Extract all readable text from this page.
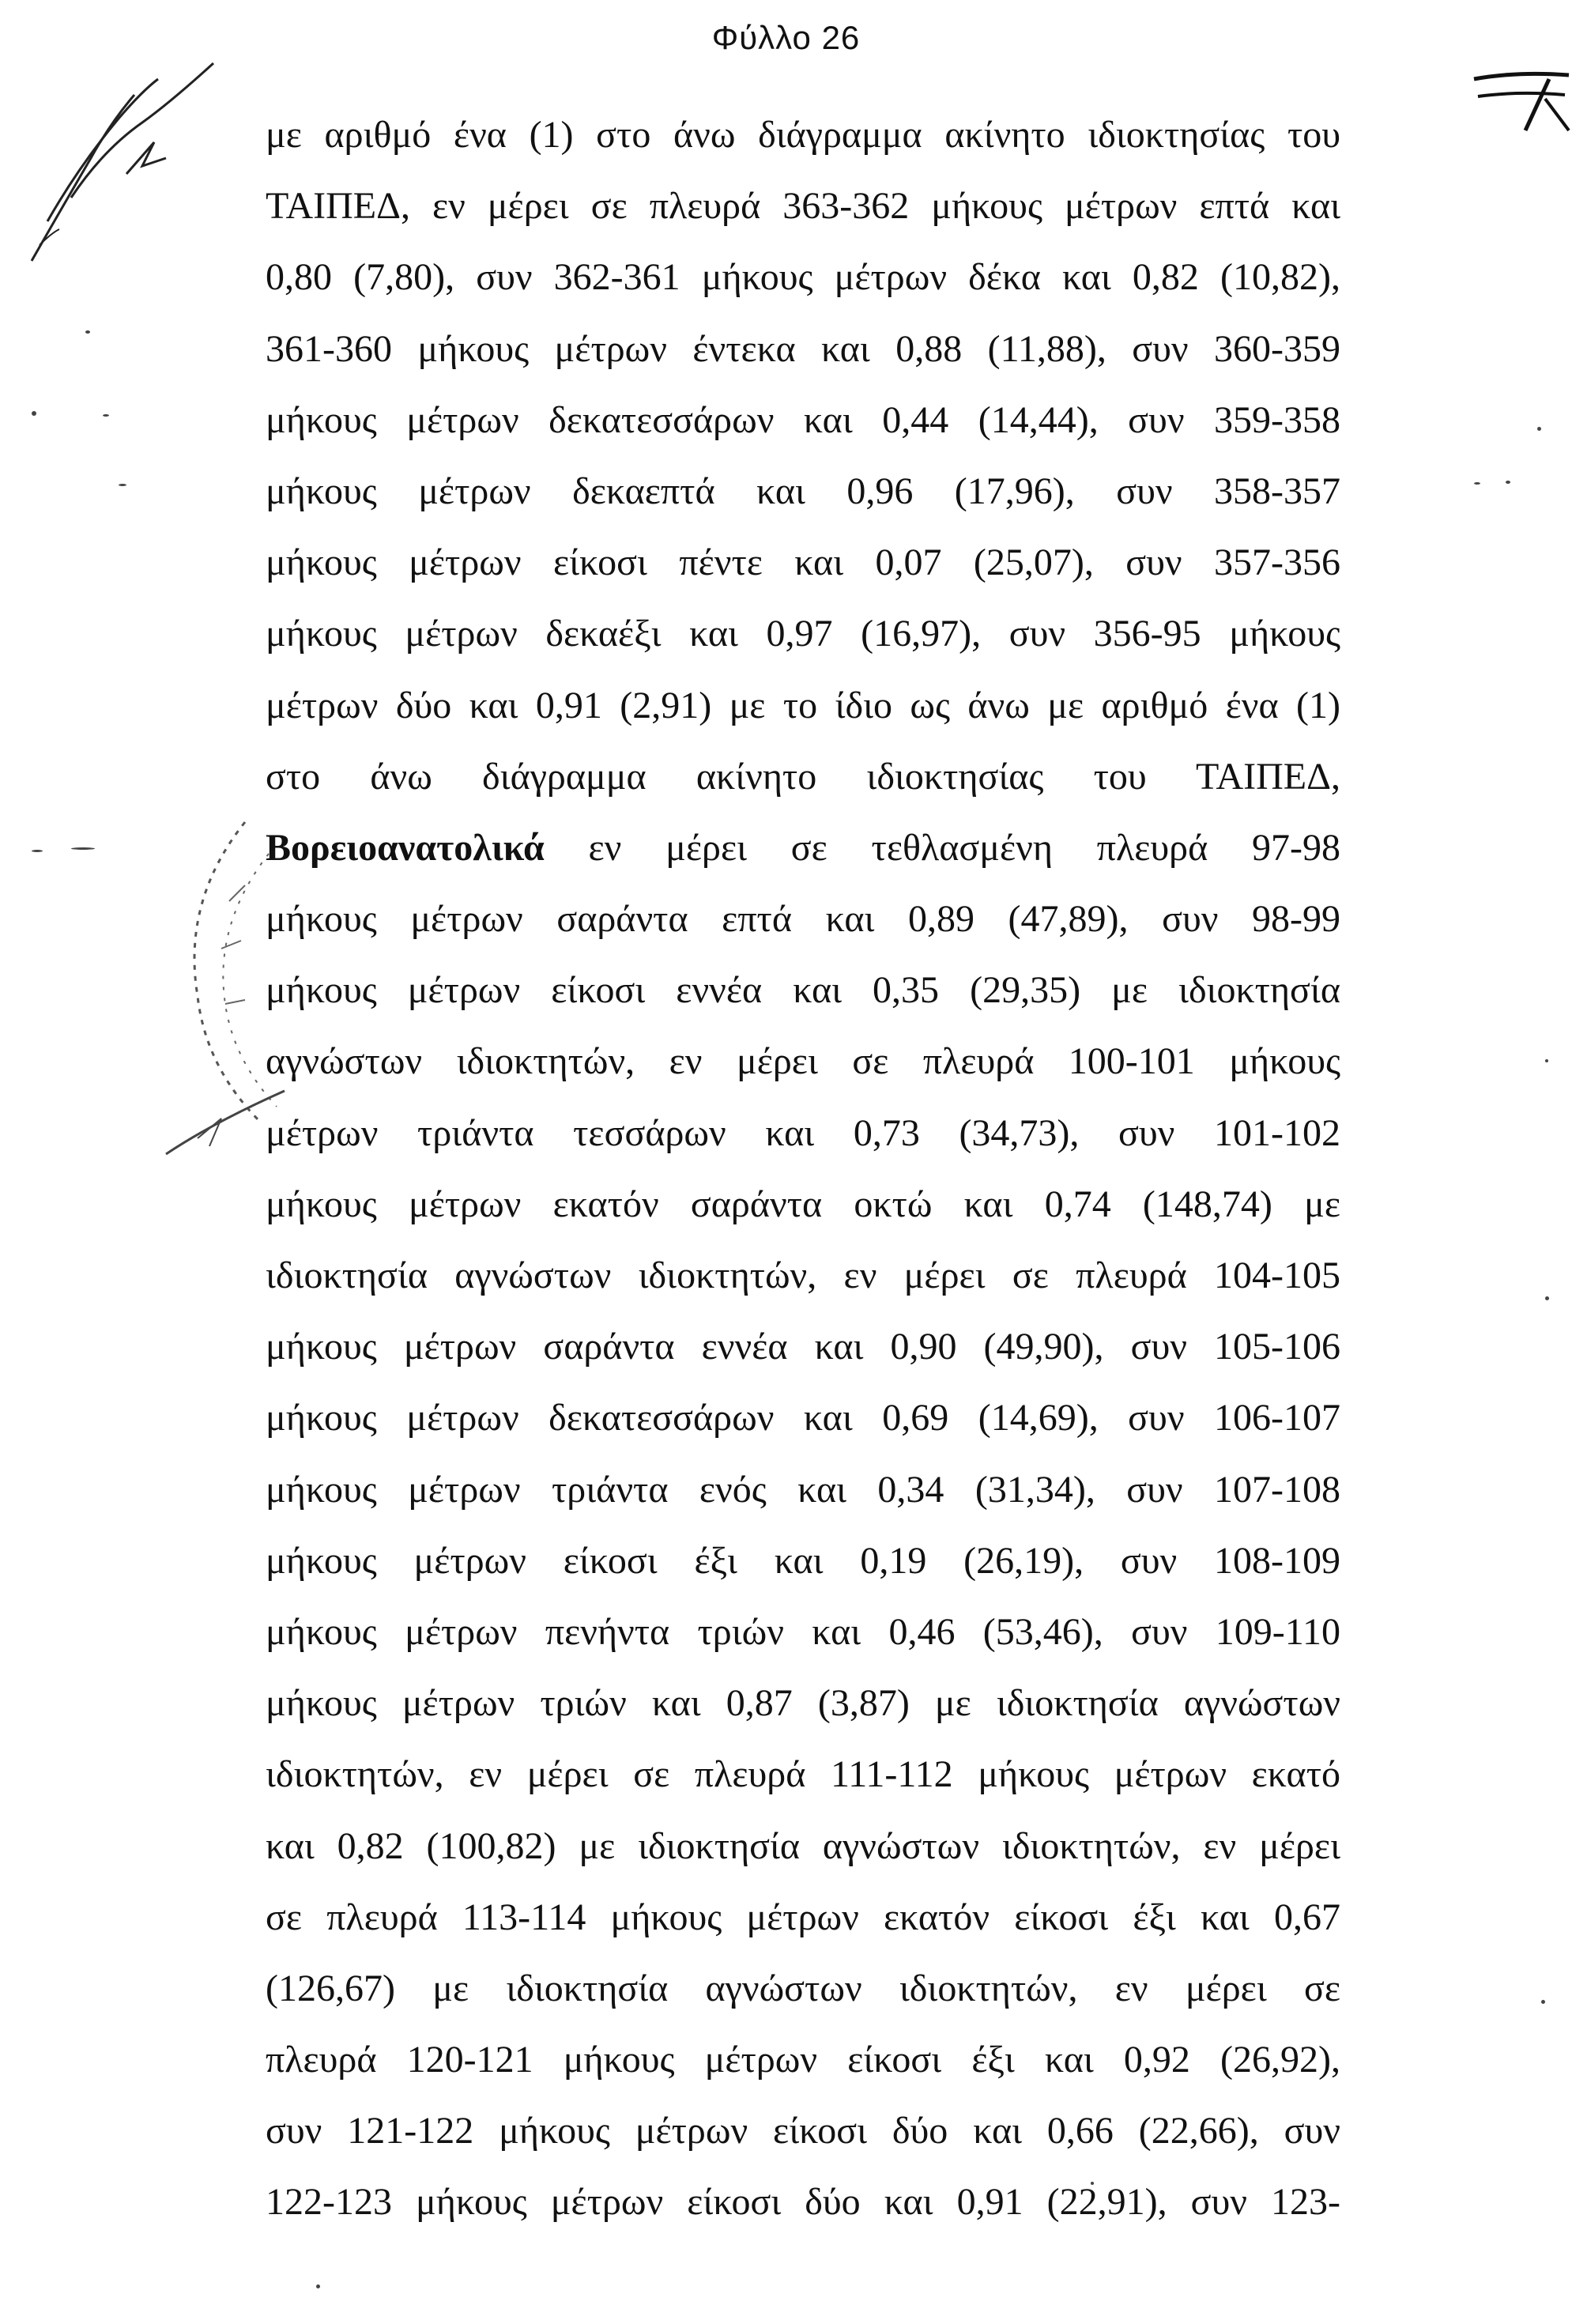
Φύλλο 26
με αριθμό ένα (1) στο άνω διάγραμμα ακίνητο ιδιοκτησίας του
ΤΑΙΠΕΔ, εν μέρει σε πλευρά 363-362 μήκους μέτρων επτά και
0,80 (7,80), συν 362-361 μήκους μέτρων δέκα και 0,82 (10,82),
361-360 μήκους μέτρων έντεκα και 0,88 (11,88), συν 360-359
μήκους μέτρων δεκατεσσάρων και 0,44 (14,44), συν 359-358
μήκους μέτρων δεκαεπτά και 0,96 (17,96), συν 358-357
μήκους μέτρων είκοσι πέντε και 0,07 (25,07), συν 357-356
μήκους μέτρων δεκαέξι και 0,97 (16,97), συν 356-95 μήκους
μέτρων δύο και 0,91 (2,91) με το ίδιο ως άνω με αριθμό ένα (1)
στο άνω διάγραμμα ακίνητο ιδιοκτησίας του ΤΑΙΠΕΔ,
Βορειοανατολικά εν μέρει σε τεθλασμένη πλευρά 97-98
μήκους μέτρων σαράντα επτά και 0,89 (47,89), συν 98-99
μήκους μέτρων είκοσι εννέα και 0,35 (29,35) με ιδιοκτησία
αγνώστων ιδιοκτητών, εν μέρει σε πλευρά 100-101 μήκους
μέτρων τριάντα τεσσάρων και 0,73 (34,73), συν 101-102
μήκους μέτρων εκατόν σαράντα οκτώ και 0,74 (148,74) με
ιδιοκτησία αγνώστων ιδιοκτητών, εν μέρει σε πλευρά 104-105
μήκους μέτρων σαράντα εννέα και 0,90 (49,90), συν 105-106
μήκους μέτρων δεκατεσσάρων και 0,69 (14,69), συν 106-107
μήκους μέτρων τριάντα ενός και 0,34 (31,34), συν 107-108
μήκους μέτρων είκοσι έξι και 0,19 (26,19), συν 108-109
μήκους μέτρων πενήντα τριών και 0,46 (53,46), συν 109-110
μήκους μέτρων τριών και 0,87 (3,87) με ιδιοκτησία αγνώστων
ιδιοκτητών, εν μέρει σε πλευρά 111-112 μήκους μέτρων εκατό
και 0,82 (100,82) με ιδιοκτησία αγνώστων ιδιοκτητών, εν μέρει
σε πλευρά 113-114 μήκους μέτρων εκατόν είκοσι έξι και 0,67
(126,67) με ιδιοκτησία αγνώστων ιδιοκτητών, εν μέρει σε
πλευρά 120-121 μήκους μέτρων είκοσι έξι και 0,92 (26,92),
συν 121-122 μήκους μέτρων είκοσι δύο και 0,66 (22,66), συν
122-123 μήκους μέτρων είκοσι δύο και 0,91 (22,91), συν 123-
